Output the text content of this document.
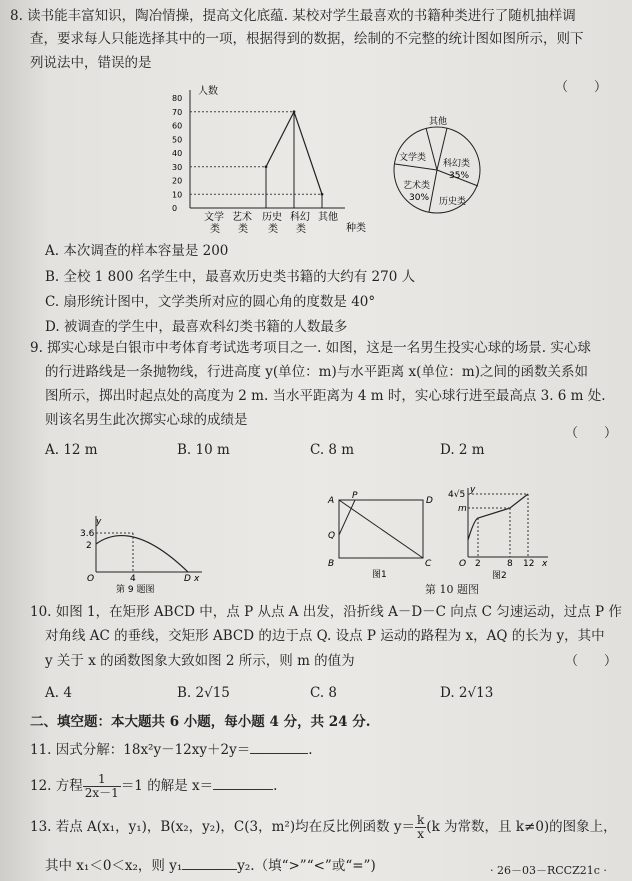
8. 读书能丰富知识，陶冶情操，提高文化底蕴. 某校对学生最喜欢的书籍种类进行了随机抽样调
查，要求每人只能选择其中的一项，根据得到的数据，绘制的不完整的统计图如图所示，则下
列说法中，错误的是
（　　）
人数
0
10
20
30
40
50
60
70
80
种类
文学
类
艺术
类
历史
类
科幻
类
其他
其他
文学类
科幻类
35%
艺术类
30% 历史类
A. 本次调查的样本容量是 200
B. 全校 1 800 名学生中，最喜欢历史类书籍的大约有 270 人
C. 扇形统计图中，文学类所对应的圆心角的度数是 40°
D. 被调查的学生中，最喜欢科幻类书籍的人数最多
9. 掷实心球是白银市中考体育考试选考项目之一. 如图，这是一名男生投实心球的场景. 实心球
的行进路线是一条抛物线，行进高度 y(单位：m)与水平距离 x(单位：m)之间的函数关系如
图所示，掷出时起点处的高度为 2 m. 当水平距离为 4 m 时，实心球行进至最高点 3. 6 m 处.
则该名男生此次掷实心球的成绩是
（　　）
A. 12 m	B. 10 m	C. 8 m	D. 2 m
y
3.6
2
O	4	D x
第 9 题图
A P	D
Q
B	C
图1
y
4√5
m
O 2	8 12 x
图2
第 10 题图
10. 如图 1，在矩形 ABCD 中，点 P 从点 A 出发，沿折线 A－D－C 向点 C 匀速运动，过点 P 作
对角线 AC 的垂线，交矩形 ABCD 的边于点 Q. 设点 P 运动的路程为 x，AQ 的长为 y，其中
y 关于 x 的函数图象大致如图 2 所示，则 m 的值为	（　　）
A. 4	B. 2√15	C. 8	D. 2√13
二、填空题：本大题共 6 小题，每小题 4 分，共 24 分.
11. 因式分解：18x²y－12xy＋2y＝	.
12. 方程 $\frac{1}{2x-1} =1$ 的解是 x＝	.
13. 若点 A(x₁，y₁)，B(x₂，y₂)，C(3，m²)均在反比例函数 $y= \frac{k}{x} (k$ 为常数，且 k≠0)的图象上，
其中 x₁＜0＜x₂，则 y₁	y₂.（填“>”“<”或“=”)	· 26－03－RCCZ21c ·
